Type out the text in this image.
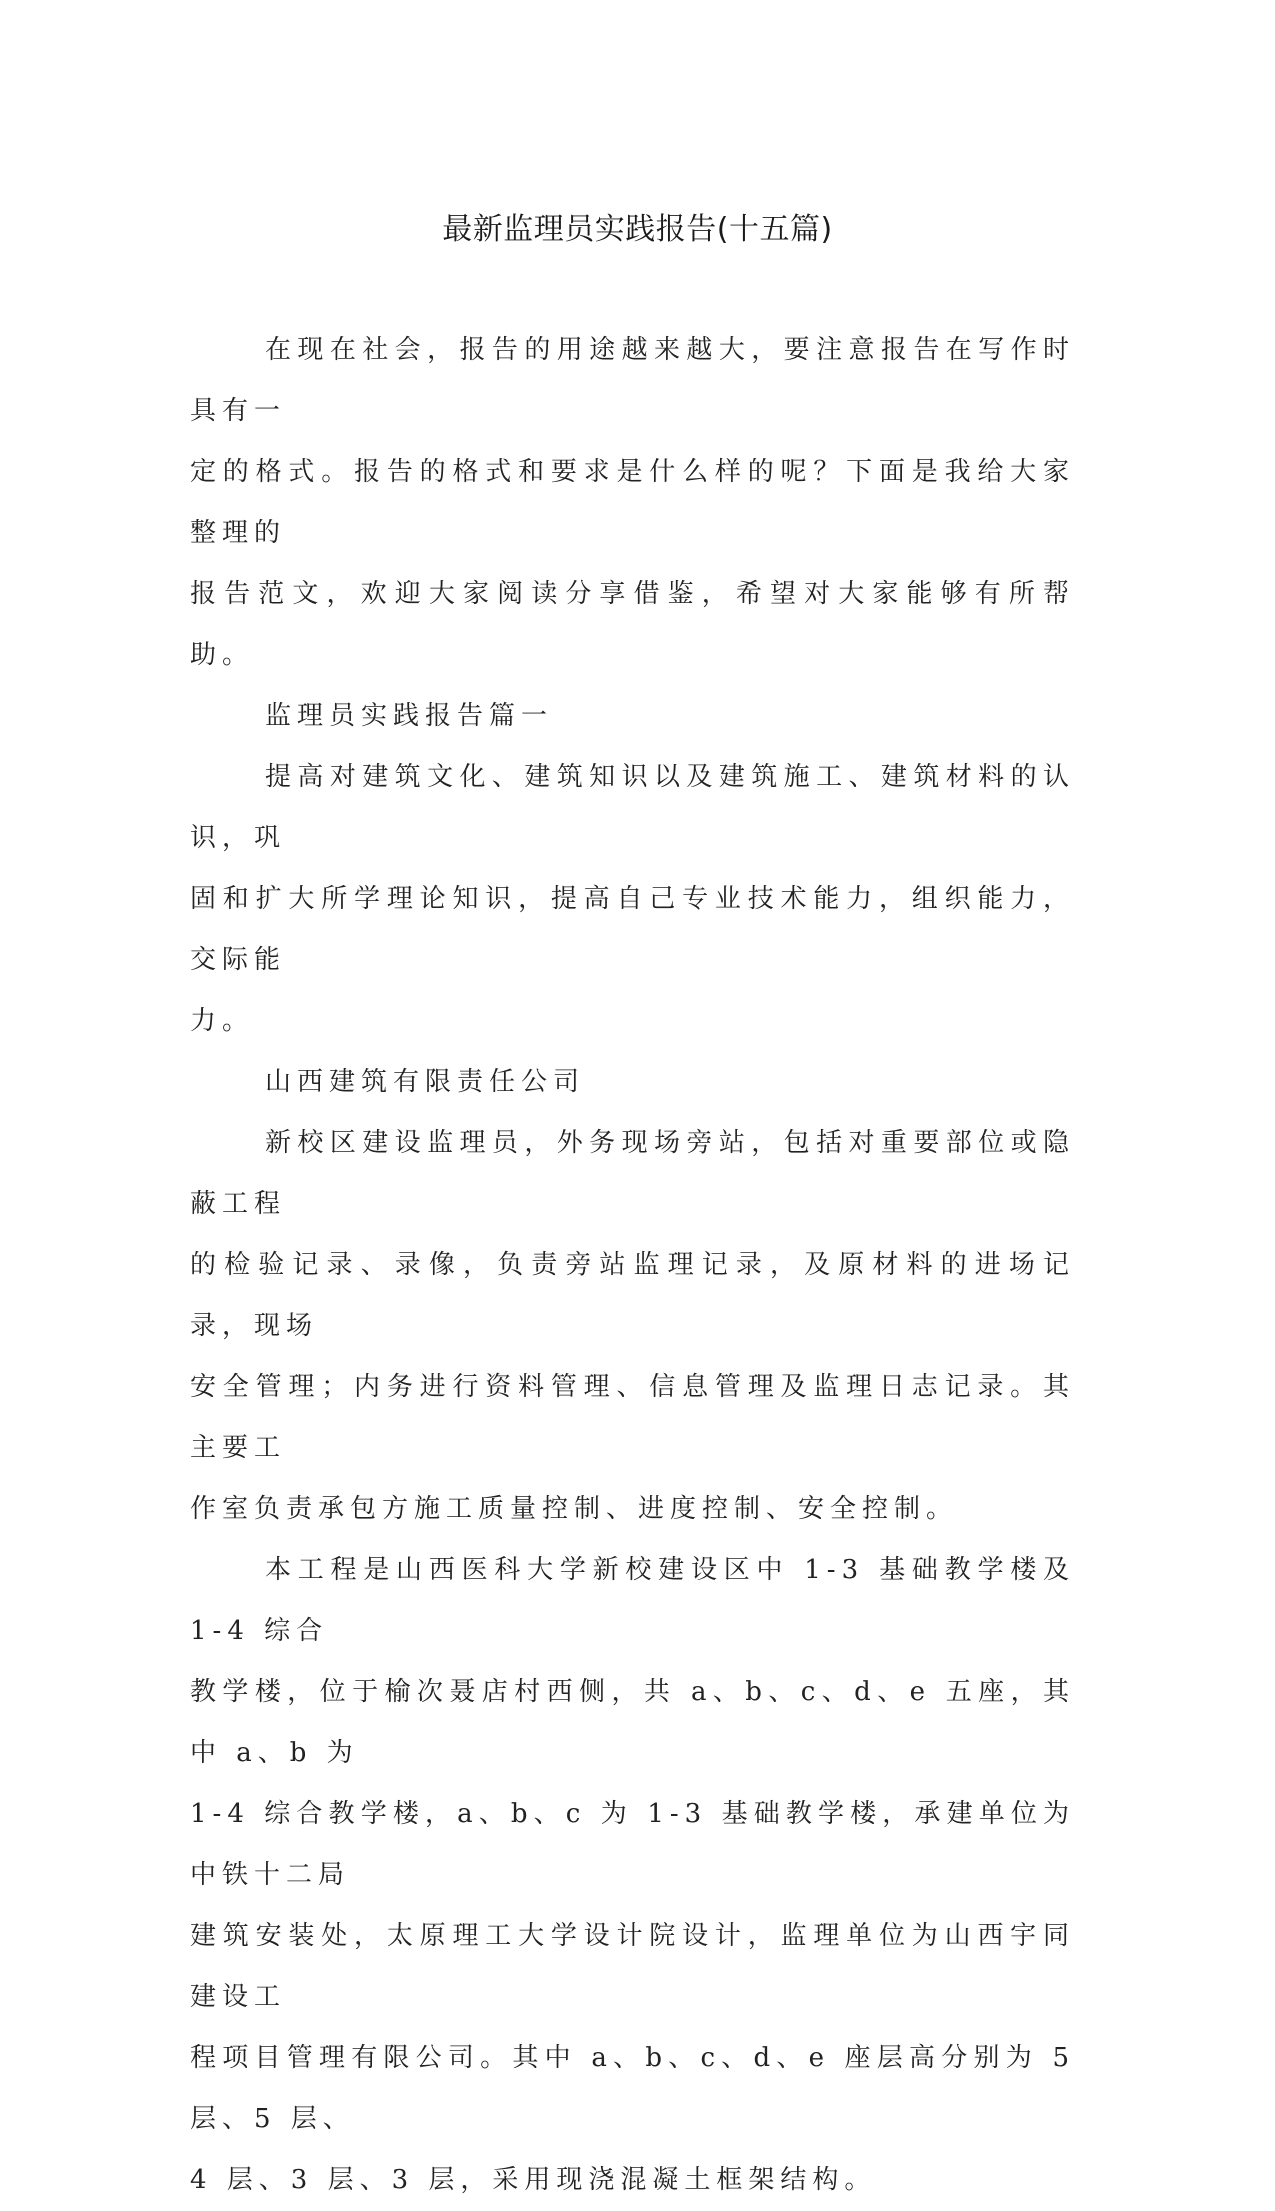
最新监理员实践报告(十五篇)
在现在社会，报告的用途越来越大，要注意报告在写作时具有一
定的格式。报告的格式和要求是什么样的呢？下面是我给大家整理的
报告范文，欢迎大家阅读分享借鉴，希望对大家能够有所帮助。
监理员实践报告篇一
提高对建筑文化、建筑知识以及建筑施工、建筑材料的认识，巩
固和扩大所学理论知识，提高自己专业技术能力，组织能力，交际能
力。
山西建筑有限责任公司
新校区建设监理员，外务现场旁站，包括对重要部位或隐蔽工程
的检验记录、录像，负责旁站监理记录，及原材料的进场记录，现场
安全管理；内务进行资料管理、信息管理及监理日志记录。其主要工
作室负责承包方施工质量控制、进度控制、安全控制。
本工程是山西医科大学新校建设区中 1-3 基础教学楼及 1-4 综合
教学楼，位于榆次聂店村西侧，共 a、b、c、d、e 五座，其中 a、b 为
1-4 综合教学楼，a、b、c 为 1-3 基础教学楼，承建单位为中铁十二局
建筑安装处，太原理工大学设计院设计，监理单位为山西宇同建设工
程项目管理有限公司。其中 a、b、c、d、e 座层高分别为 5 层、5 层、
4 层、3 层、3 层，采用现浇混凝土框架结构。
